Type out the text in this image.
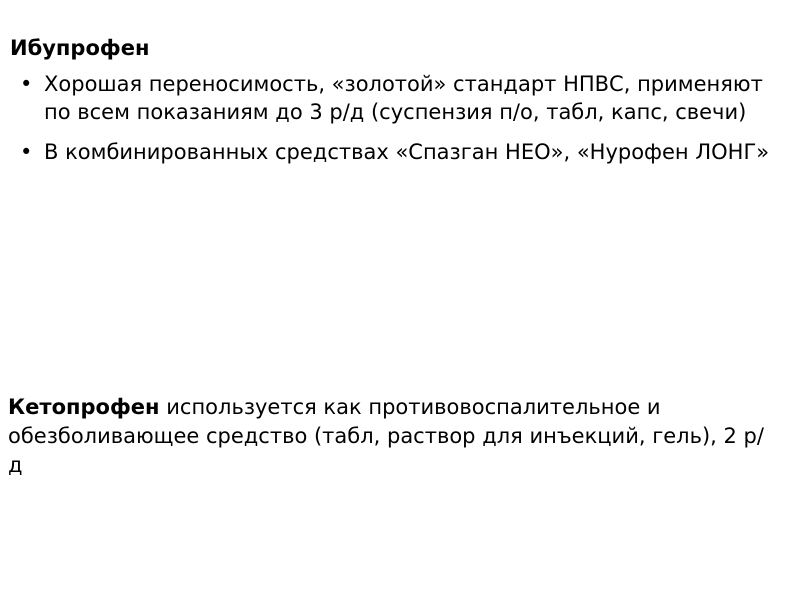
Ибупрофен
• Хорошая переносимость, «золотой» стандарт НПВС, применяют по всем показаниям до 3 р/д (суспензия п/о, табл, капс, свечи)
• В комбинированных средствах «Спазган НЕО», «Нурофен ЛОНГ»

Кетопрофен используется как противовоспалительное и обезболивающее средство (табл, раствор для инъекций, гель), 2 р/д
